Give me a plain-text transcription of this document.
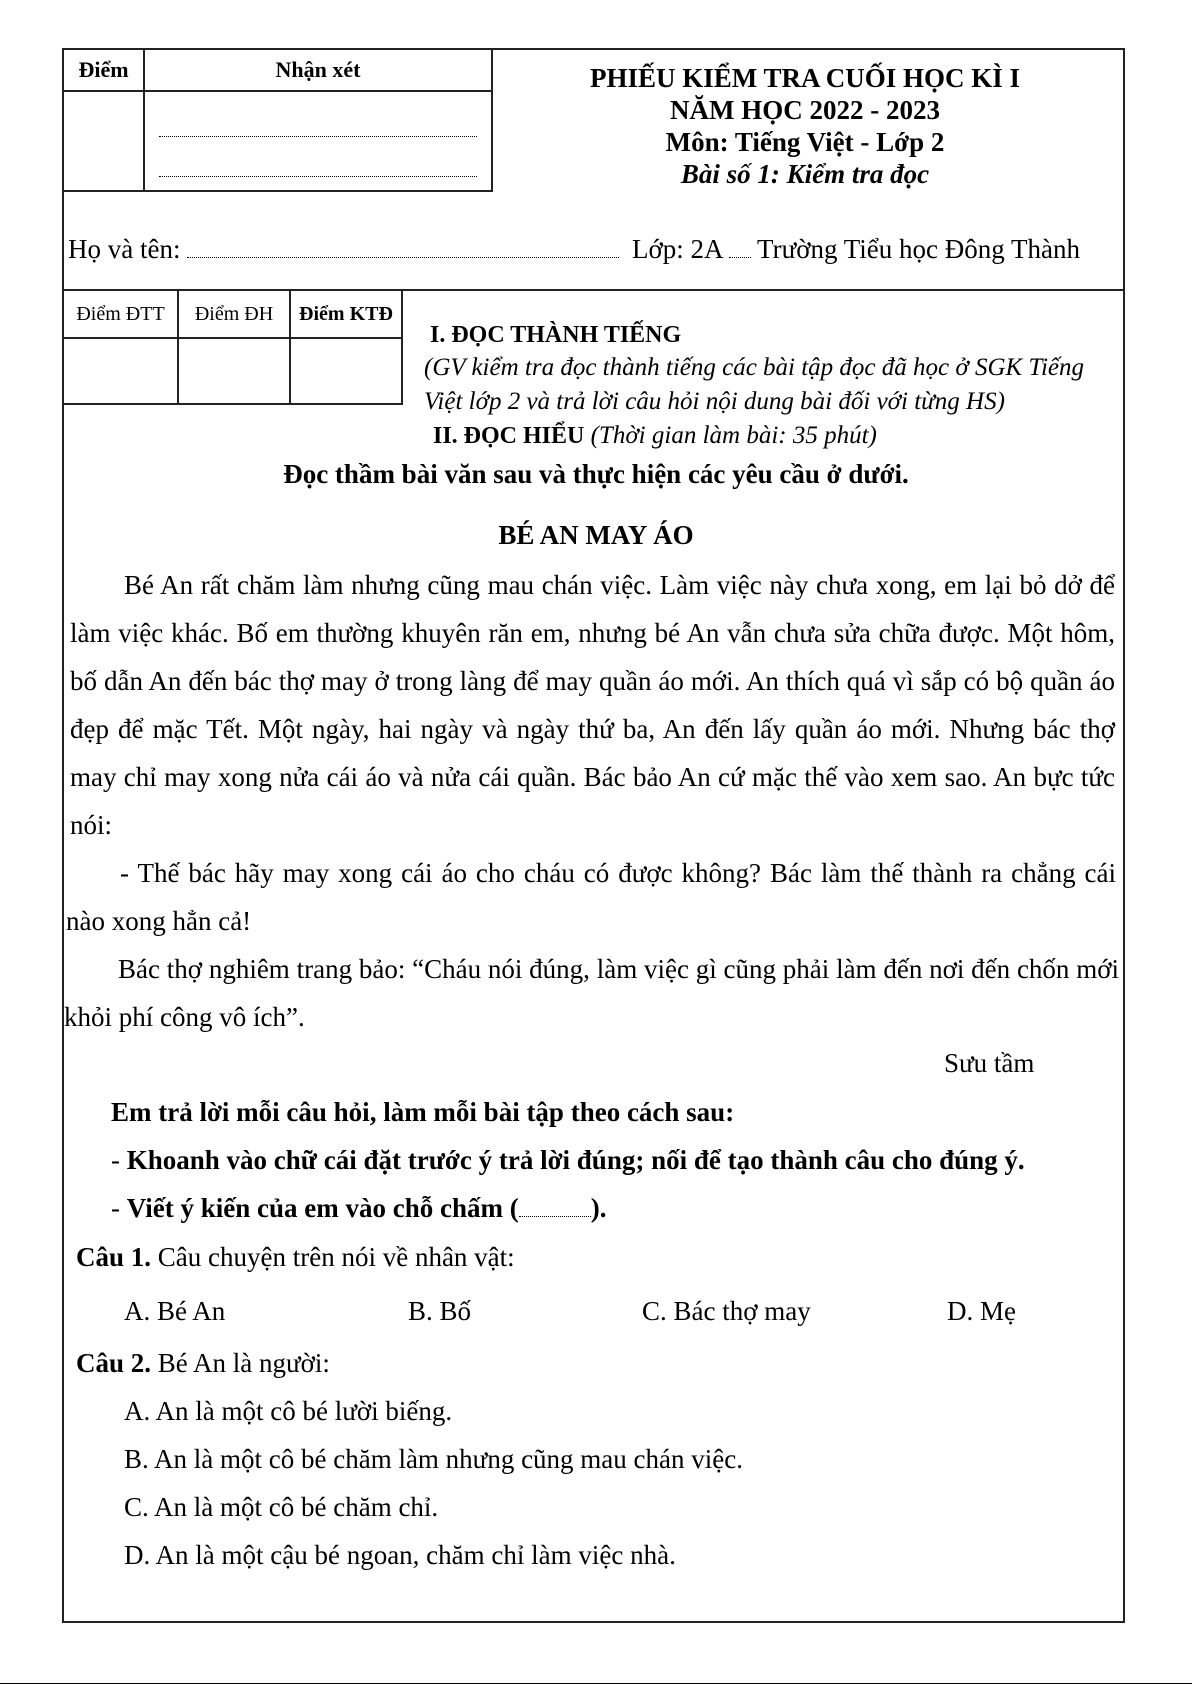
Điểm	Nhận xét
		PHIẾU KIỂM TRA CUỐI HỌC KÌ I
NĂM HỌC 2022 - 2023
Môn: Tiếng Việt - Lớp 2
Bài số 1: Kiểm tra đọc
Họ và tên:	Lớp: 2A Trường Tiểu học Đông Thành
Điểm ĐTT	Điểm ĐH	Điểm KTĐ

I. ĐỌC THÀNH TIẾNG
(GV kiểm tra đọc thành tiếng các bài tập đọc đã học ở SGK Tiếng
Việt lớp 2 và trả lời câu hỏi nội dung bài đối với từng HS)
II. ĐỌC HIỂU (Thời gian làm bài: 35 phút)
Đọc thầm bài văn sau và thực hiện các yêu cầu ở dưới.
BÉ AN MAY ÁO
Bé An rất chăm làm nhưng cũng mau chán việc. Làm việc này chưa xong, em lại bỏ dở để làm việc khác. Bố em thường khuyên răn em, nhưng bé An vẫn chưa sửa chữa được. Một hôm, bố dẫn An đến bác thợ may ở trong làng để may quần áo mới. An thích quá vì sắp có bộ quần áo đẹp để mặc Tết. Một ngày, hai ngày và ngày thứ ba, An đến lấy quần áo mới. Nhưng bác thợ may chỉ may xong nửa cái áo và nửa cái quần. Bác bảo An cứ mặc thế vào xem sao. An bực tức nói:
- Thế bác hãy may xong cái áo cho cháu có được không? Bác làm thế thành ra chẳng cái nào xong hẳn cả!
Bác thợ nghiêm trang bảo: “Cháu nói đúng, làm việc gì cũng phải làm đến nơi đến chốn mới khỏi phí công vô ích”.
Sưu tầm
Em trả lời mỗi câu hỏi, làm mỗi bài tập theo cách sau:
- Khoanh vào chữ cái đặt trước ý trả lời đúng; nối để tạo thành câu cho đúng ý.
- Viết ý kiến của em vào chỗ chấm (	).
Câu 1. Câu chuyện trên nói về nhân vật:
A. Bé An	B. Bố	C. Bác thợ may	D. Mẹ
Câu 2. Bé An là người:
A. An là một cô bé lười biếng.
B. An là một cô bé chăm làm nhưng cũng mau chán việc.
C. An là một cô bé chăm chỉ.
D. An là một cậu bé ngoan, chăm chỉ làm việc nhà.
